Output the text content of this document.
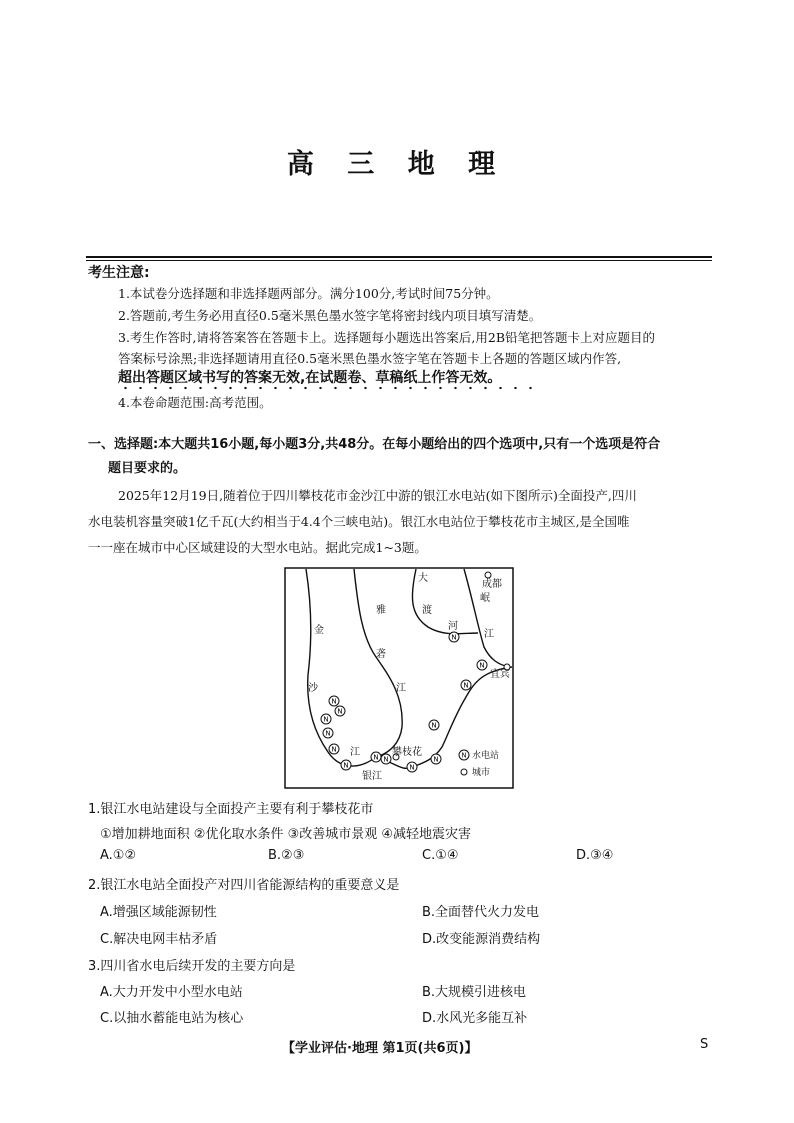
高 三 地 理
考生注意:
1.本试卷分选择题和非选择题两部分。满分100分,考试时间75分钟。
2.答题前,考生务必用直径0.5毫米黑色墨水签字笔将密封线内项目填写清楚。
3.考生作答时,请将答案答在答题卡上。选择题每小题选出答案后,用2B铅笔把答题卡上对应题目的
答案标号涂黑;非选择题请用直径0.5毫米黑色墨水签字笔在答题卡上各题的答题区域内作答,
超出答题区域书写的答案无效,在试题卷、草稿纸上作答无效。
4.本卷命题范围:高考范围。
一、选择题:本大题共16小题,每小题3分,共48分。在每小题给出的四个选项中,只有一个选项是符合
题目要求的。
2025年12月19日,随着位于四川攀枝花市金沙江中游的银江水电站(如下图所示)全面投产,四川
水电装机容量突破1亿千瓦(大约相当于4.4个三峡电站)。银江水电站位于攀枝花市主城区,是全国唯
一一座在城市中心区域建设的大型水电站。据此完成1~3题。
N
N
N
N
N
N
N N
N
N
N
N
N
N
金
沙
江
雅
砻
江
大
渡
河
岷
江
成都
宜宾
攀枝花
银江
N 水电站
城市
1.银江水电站建设与全面投产主要有利于攀枝花市
①增加耕地面积 ②优化取水条件 ③改善城市景观 ④减轻地震灾害
A.①②	B.②③	C.①④	D.③④
2.银江水电站全面投产对四川省能源结构的重要意义是
A.增强区域能源韧性	B.全面替代火力发电
C.解决电网丰枯矛盾	D.改变能源消费结构
3.四川省水电后续开发的主要方向是
A.大力开发中小型水电站	B.大规模引进核电
C.以抽水蓄能电站为核心	D.水风光多能互补
【学业评估·地理 第1页(共6页)】	S
